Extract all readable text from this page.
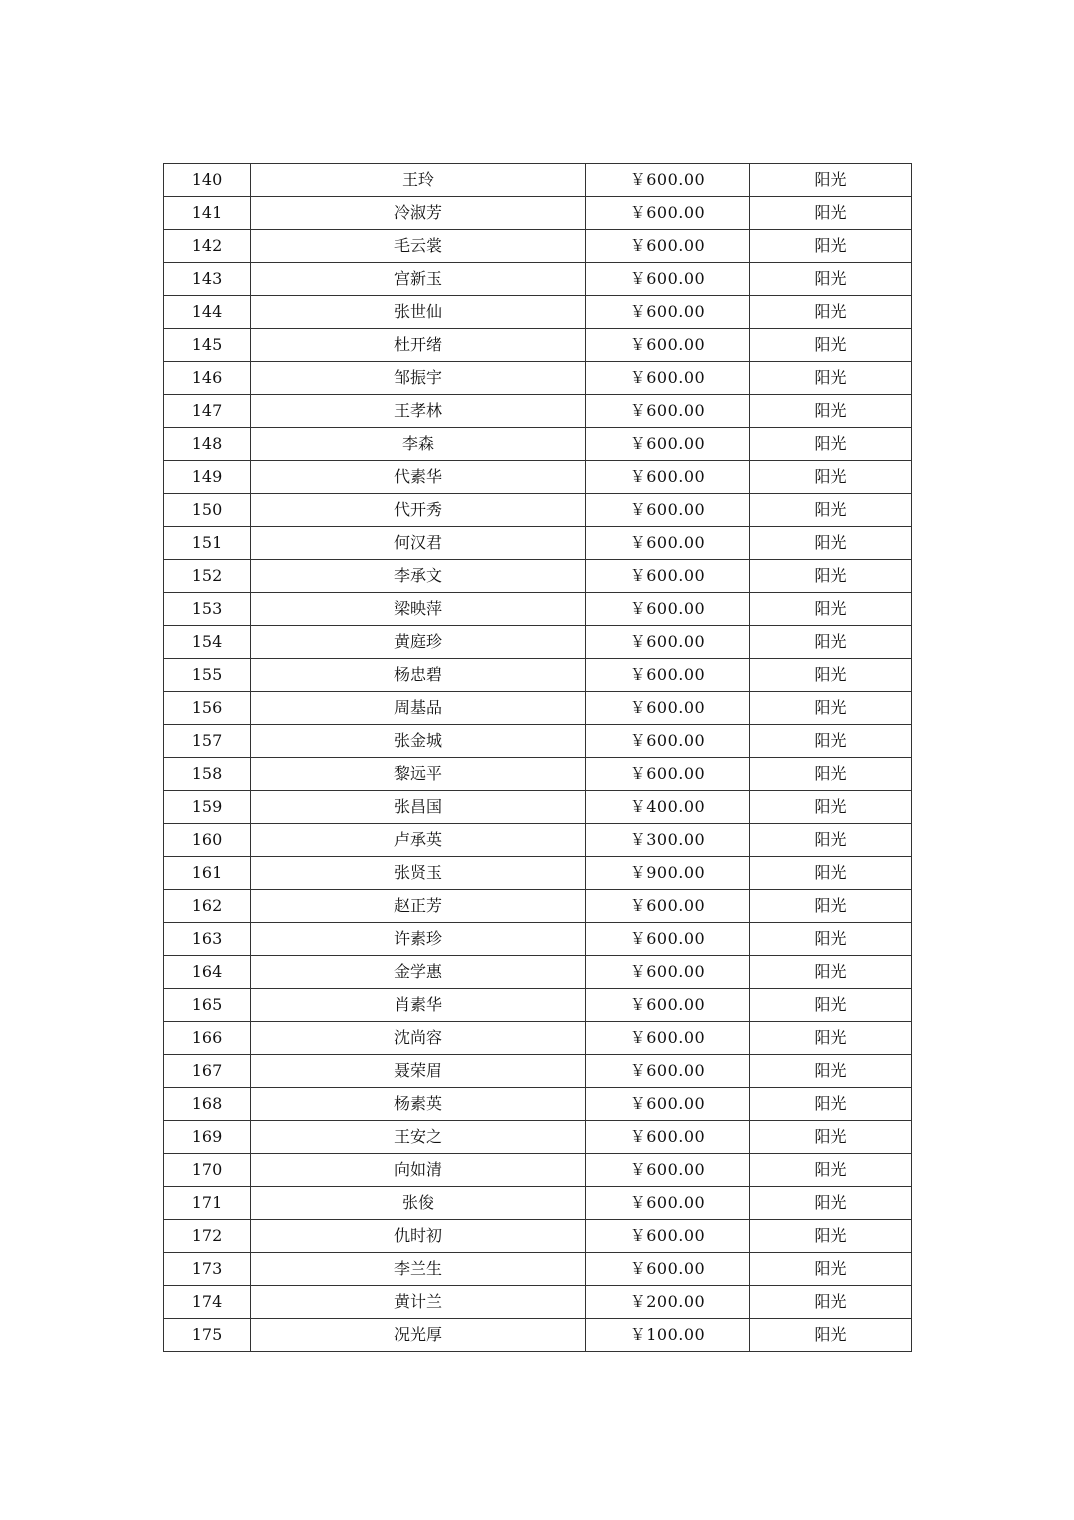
140	王玲	￥600.00	阳光
141	冷淑芳	￥600.00	阳光
142	毛云裳	￥600.00	阳光
143	宫新玉	￥600.00	阳光
144	张世仙	￥600.00	阳光
145	杜开绪	￥600.00	阳光
146	邹振宇	￥600.00	阳光
147	王孝林	￥600.00	阳光
148	李森	￥600.00	阳光
149	代素华	￥600.00	阳光
150	代开秀	￥600.00	阳光
151	何汉君	￥600.00	阳光
152	李承文	￥600.00	阳光
153	梁映萍	￥600.00	阳光
154	黄庭珍	￥600.00	阳光
155	杨忠碧	￥600.00	阳光
156	周基品	￥600.00	阳光
157	张金城	￥600.00	阳光
158	黎远平	￥600.00	阳光
159	张昌国	￥400.00	阳光
160	卢承英	￥300.00	阳光
161	张贤玉	￥900.00	阳光
162	赵正芳	￥600.00	阳光
163	许素珍	￥600.00	阳光
164	金学惠	￥600.00	阳光
165	肖素华	￥600.00	阳光
166	沈尚容	￥600.00	阳光
167	聂荣眉	￥600.00	阳光
168	杨素英	￥600.00	阳光
169	王安之	￥600.00	阳光
170	向如清	￥600.00	阳光
171	张俊	￥600.00	阳光
172	仇时初	￥600.00	阳光
173	李兰生	￥600.00	阳光
174	黄计兰	￥200.00	阳光
175	况光厚	￥100.00	阳光
